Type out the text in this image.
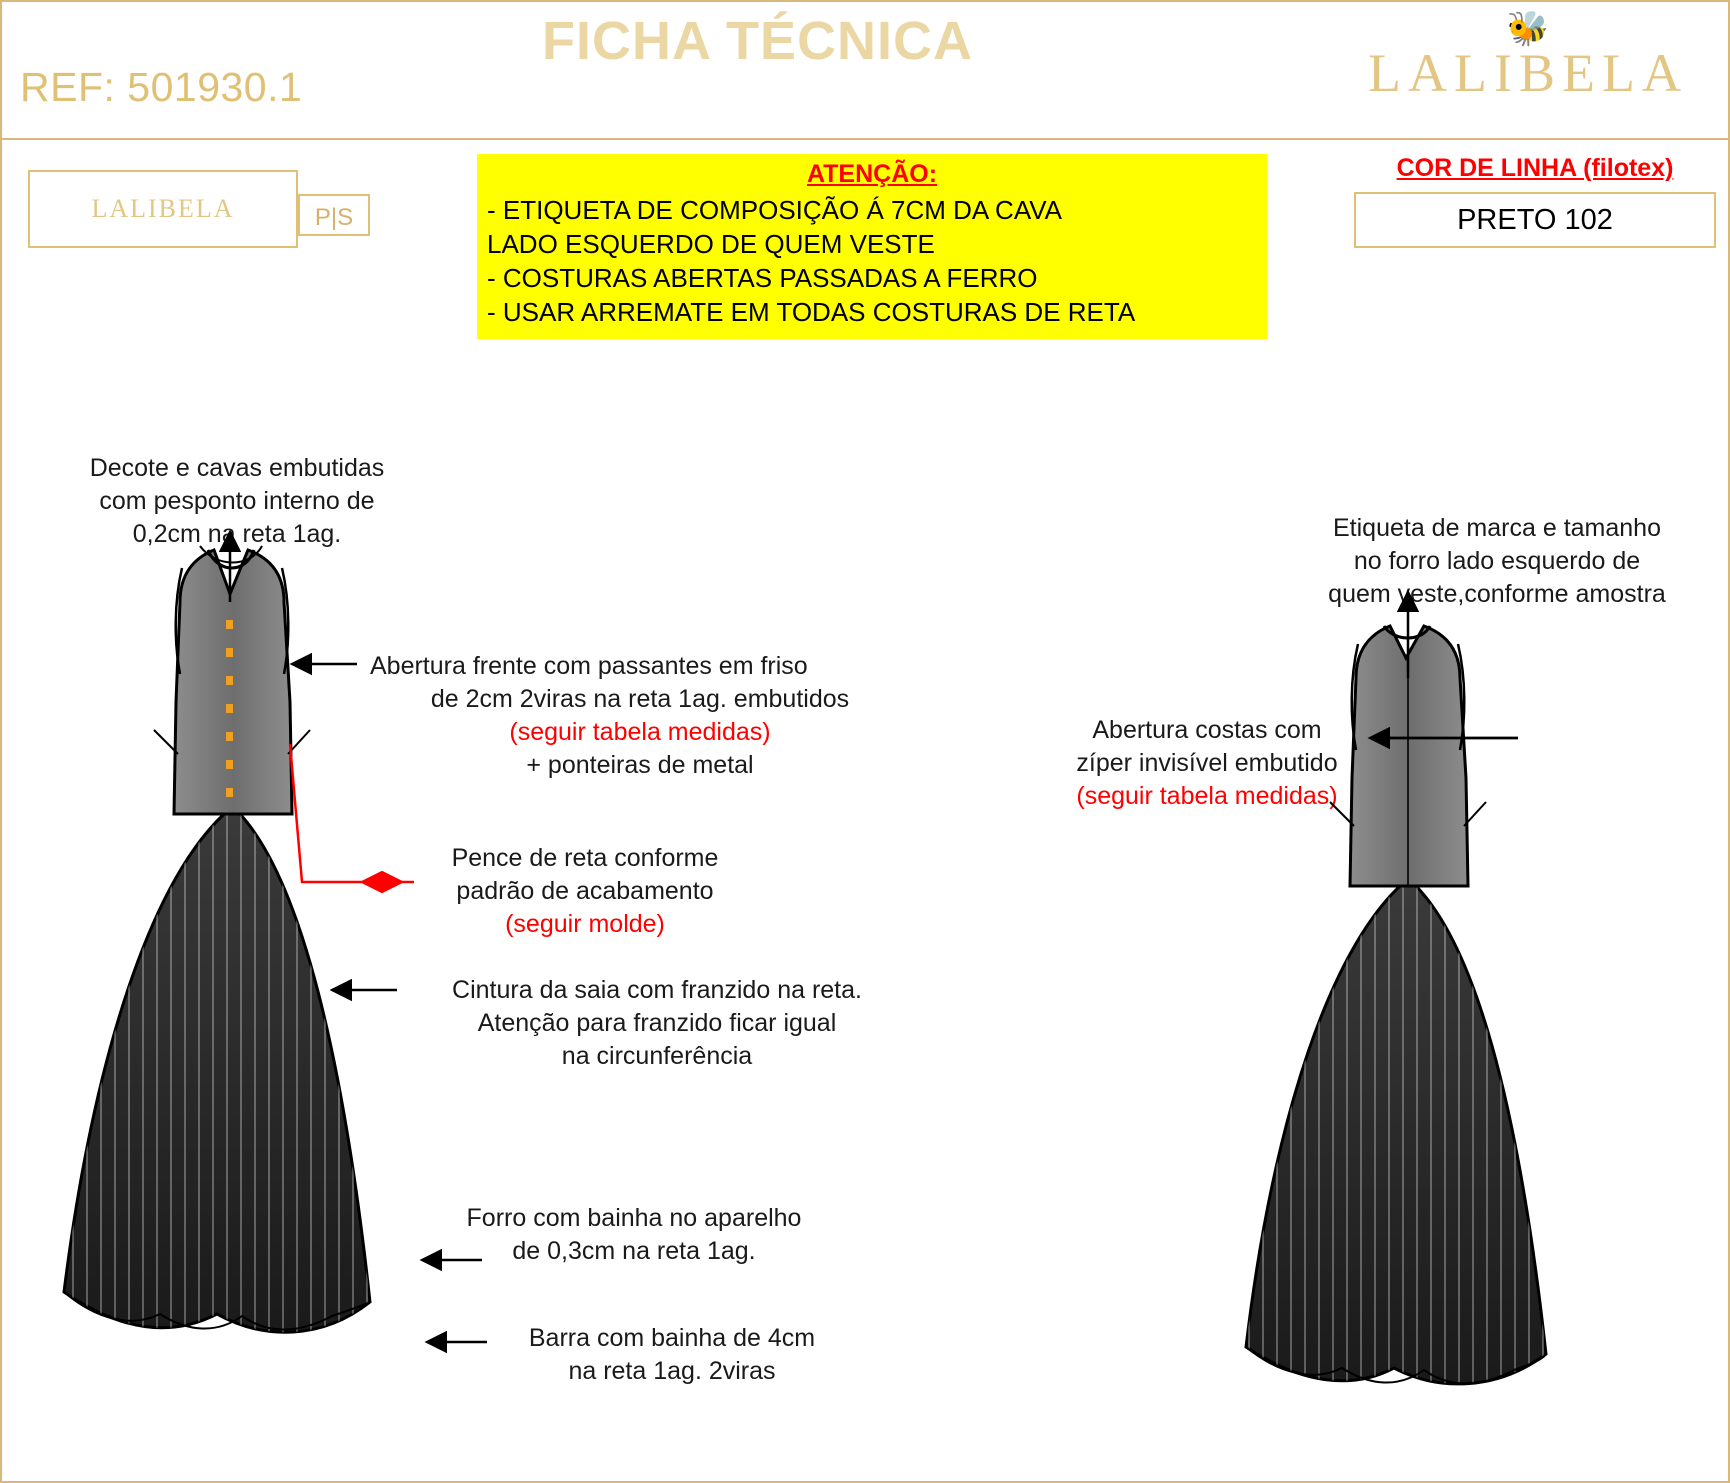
REF: 501930.1
FICHA TÉCNICA	🐝
LALIBELA
LALIBELA	P|S
ATENÇÃO:
- ETIQUETA DE COMPOSIÇÃO Á 7CM DA CAVA
LADO ESQUERDO DE QUEM VESTE
- COSTURAS ABERTAS PASSADAS A FERRO
- USAR ARREMATE EM TODAS COSTURAS DE RETA
COR DE LINHA (filotex)
PRETO 102
Decote e cavas embutidas
com pesponto interno de
0,2cm na reta 1ag.
Abertura frente com passantes em friso
de 2cm 2viras na reta 1ag. embutidos
(seguir tabela medidas)
+ ponteiras de metal
Pence de reta conforme
padrão de acabamento
(seguir molde)
Cintura da saia com franzido na reta.
Atenção para franzido ficar igual
na circunferência
Forro com bainha no aparelho
de 0,3cm na reta 1ag.
Barra com bainha de 4cm
na reta 1ag. 2viras
Etiqueta de marca e tamanho
no forro lado esquerdo de
quem veste,conforme amostra
Abertura costas com
zíper invisível embutido
(seguir tabela medidas)
